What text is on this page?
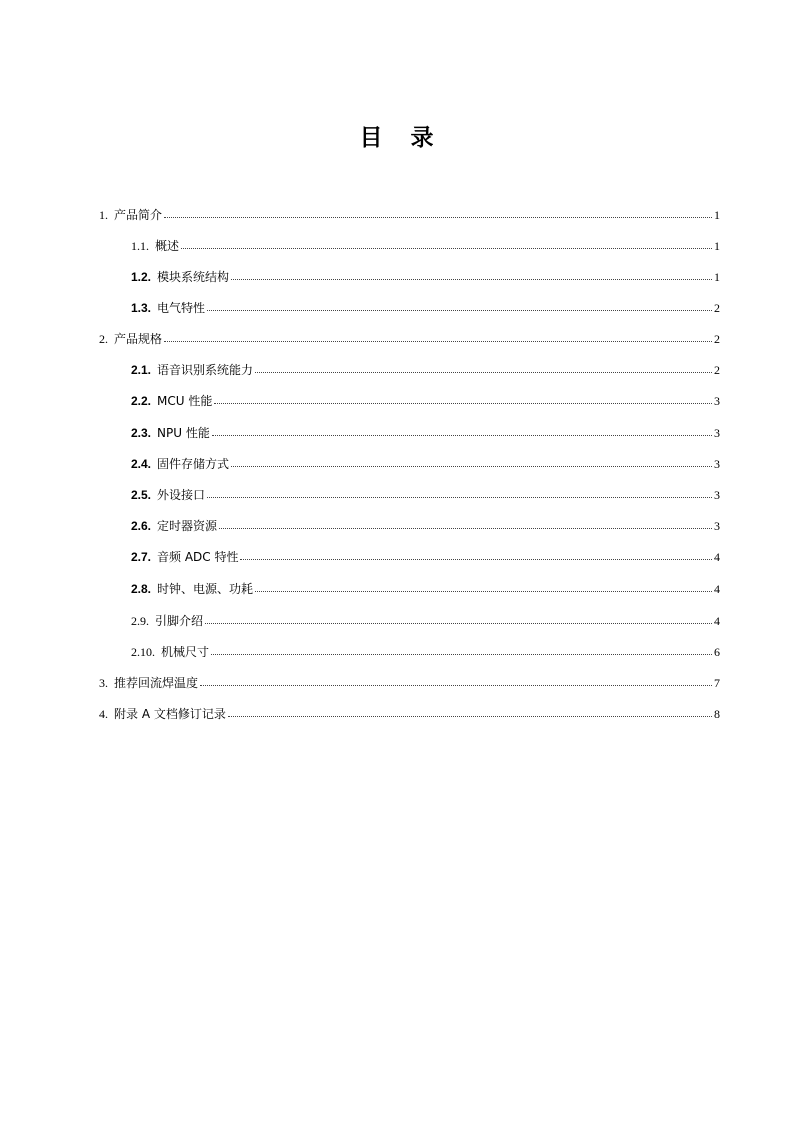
目 录
1. 产品简介	1
1.1. 概述	1
1.2. 模块系统结构	1
1.3. 电气特性	2
2. 产品规格	2
2.1. 语音识别系统能力	2
2.2. MCU 性能	3
2.3. NPU 性能	3
2.4. 固件存储方式	3
2.5. 外设接口	3
2.6. 定时器资源	3
2.7. 音频 ADC 特性	4
2.8. 时钟、电源、功耗	4
2.9. 引脚介绍	4
2.10. 机械尺寸	6
3. 推荐回流焊温度	7
4. 附录 A 文档修订记录	8
